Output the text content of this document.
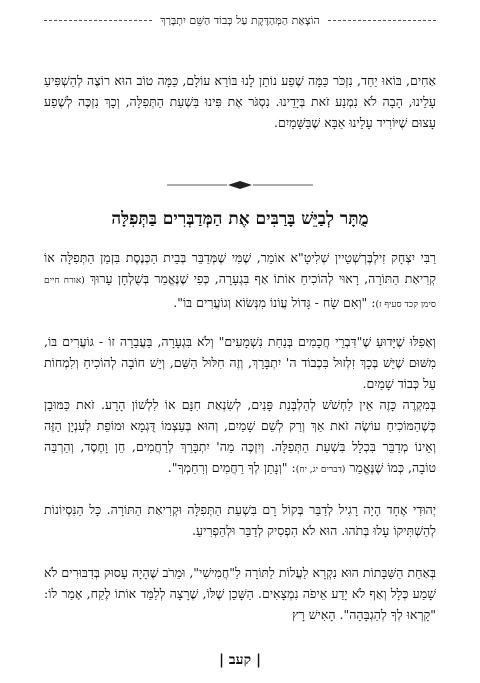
הוֹצָאַת הַמְּהַדֶּקֶת עַל כְּבוֹד הַשֵּׁם יִתְבָּרַךְ

אַחִים, בּוֹאוּ יַחַד, נִזְכֹּר כַּמָּה שֶׁפַע נוֹתֵן לָנוּ בּוֹרֵא עוֹלָם, כַּמָּה טוֹב הוּא רוֹצֶה לְהַשְׁפִּיעַ עָלֵינוּ, הָבָה לֹא נִמְנַע זֹאת בְּיָדֵינוּ. נִסְגֹּר אֶת פִּינוּ בִּשְׁעַת הַתְּפִלָּה, וְכָךְ נִזְכֶּה לְשֶׁפַע עָצוּם שֶׁיּוֹרִיד עָלֵינוּ אַבָּא שֶׁבַּשָּׁמַיִם.

מֻתָּר לְבַיֵּשׁ בָּרַבִּים אֶת הַמְּדַבְּרִים בַּתְּפִלָּה

רַבִּי יִצְחָק זִילְבֶּרְשְׁטֵיין שְׁלִיטָ"א אוֹמֵר, שֶׁמִּי שֶׁמְּדַבֵּר בְּבֵית הַכְּנֶסֶת בִּזְמַן הַתְּפִלָּה אוֹ קְרִיאַת הַתּוֹרָה, רָאוּי לְהוֹכִיחַ אוֹתוֹ אַף בִּגְעָרָה, כְּפִי שֶׁנֶּאֱמַר בְּשֻׁלְחָן עָרוּךְ (אורח חיים סימן קכד סעיף ז): "וְאִם שָׂח - גָּדוֹל עֲוֹנוֹ מִנְּשׂוֹא וְגוֹעֲרִים בּוֹ".

וְאַפִלּוּ שֶׁיָּדוּעַ שֶׁ"דִּבְרֵי חֲכָמִים בְּנַחַת נִשְׁמָעִים" וְלֹא בִּגְעָרָה, בַּעֲבֵרָה זוֹ - גּוֹעֲרִים בּוֹ, מִשּׁוּם שֶׁיֵּשׁ בְּכָךְ זִלְזוּל בִּכְבוֹד ה' יִתְבָּרַךְ, וְזֶה חִלּוּל הַשֵּׁם, וְיֵשׁ חוֹבָה לְהוֹכִיחַ וְלִמְחוֹת עַל כְּבוֹד שָׁמַיִם.

בְּמִקְרֶה כָּזֶה אֵין לַחְשֹׁשׁ לְהַלְבָּנַת פָּנִים, לְשִׂנְאַת חִנָּם אוֹ לִלְשׁוֹן הָרָע. זֹאת כַּמּוּבָן כְּשֶׁהַמּוֹכִיחַ עוֹשֶׂה זֹאת אַךְ וְרַק לְשֵׁם שָׁמַיִם, וְהוּא בְּעַצְמוֹ דֻּגְמָא וּמוֹפֵת לְעִנְיָן הַזֶּה וְאֵינוֹ מְדַבֵּר בִּכְלָל בִּשְׁעַת הַתְּפִלָּה. וְיִזְכֶּה מֵה' יִתְבָּרַךְ לְרַחֲמִים, חֵן וָחֶסֶד, וְהַרְבֵּה טוֹבָה, כְּמוֹ שֶׁנֶּאֱמַר (דברים יג, יח): "וְנָתַן לְךָ רַחֲמִים וְרִחַמְךָ".

יְהוּדִי אֶחָד הָיָה רָגִיל לְדַבֵּר בְּקוֹל רָם בִּשְׁעַת הַתְּפִלָּה וּקְרִיאַת הַתּוֹרָה. כָּל הַנִּסְיוֹנוֹת לְהַשְׁתִּיקוֹ עָלוּ בְּתֹהוּ. הוּא לֹא הִפְסִיק לְדַבֵּר וּלְהַפְרִיעַ.

בְּאַחַת הַשַּׁבָּתוֹת הוּא נִקְרָא לַעֲלוֹת לַתּוֹרָה לַ"חֲמִישִׁי", וּמֵרֹב שֶׁהָיָה עָסוּק בְּדִבּוּרִים לֹא שָׁמַע כְּלָל וְאַף לֹא יָדַע אֵיפֹה נִמְצָאִים. הַשָּׁכֵן שֶׁלּוֹ, שֶׁרָצָה לְלַמֵּד אוֹתוֹ לֶקַח, אָמַר לוֹ: "קָרְאוּ לְךָ לְהַגְבָּהָה". הָאִישׁ רָץ

| קעב |
